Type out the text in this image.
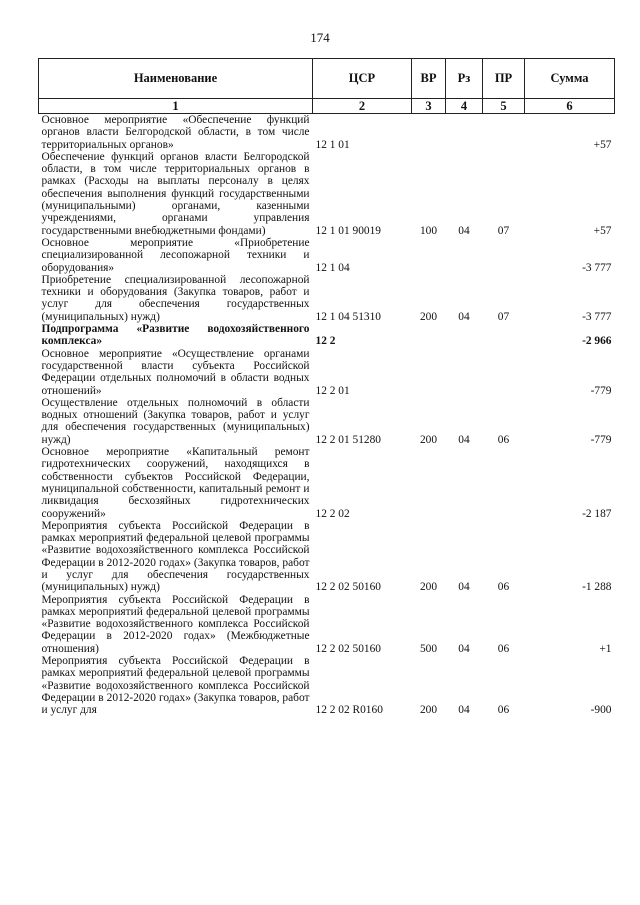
174
Наименование	ЦСР	ВР	Рз	ПР	Сумма
1	2	3	4	5	6
Основное мероприятие «Обеспечение функций органов власти Белгородской области, в том числе территориальных органов»	12 1 01				+57
Обеспечение функций органов власти Белгородской области, в том числе территориальных органов в рамках (Расходы на выплаты персоналу в целях обеспечения выполнения функций государственными (муниципальными) органами, казенными учреждениями, органами управления государственными внебюджетными фондами)	12 1 01 90019	100	04	07	+57
Основное мероприятие «Приобретение специализированной лесопожарной техники и оборудования»	12 1 04				-3 777
Приобретение специализированной лесопожарной техники и оборудования (Закупка товаров, работ и услуг для обеспечения государственных (муниципальных) нужд)	12 1 04 51310	200	04	07	-3 777
Подпрограмма «Развитие водохозяйственного комплекса»	12 2				-2 966
Основное мероприятие «Осуществление органами государственной власти субъекта Российской Федерации отдельных полномочий в области водных отношений»	12 2 01				-779
Осуществление отдельных полномочий в области водных отношений (Закупка товаров, работ и услуг для обеспечения государственных (муниципальных) нужд)	12 2 01 51280	200	04	06	-779
Основное мероприятие «Капитальный ремонт гидротехнических сооружений, находящихся в собственности субъектов Российской Федерации, муниципальной собственности, капитальный ремонт и ликвидация бесхозяйных гидротехнических сооружений»	12 2 02				-2 187
Мероприятия субъекта Российской Федерации в рамках мероприятий федеральной целевой программы «Развитие водохозяйственного комплекса Российской Федерации в 2012-2020 годах» (Закупка товаров, работ и услуг для обеспечения государственных (муниципальных) нужд)	12 2 02 50160	200	04	06	-1 288
Мероприятия субъекта Российской Федерации в рамках мероприятий федеральной целевой программы «Развитие водохозяйственного комплекса Российской Федерации в 2012-2020 годах» (Межбюджетные отношения)	12 2 02 50160	500	04	06	+1
Мероприятия субъекта Российской Федерации в рамках мероприятий федеральной целевой программы «Развитие водохозяйственного комплекса Российской Федерации в 2012-2020 годах» (Закупка товаров, работ и услуг для	12 2 02 R0160	200	04	06	-900
